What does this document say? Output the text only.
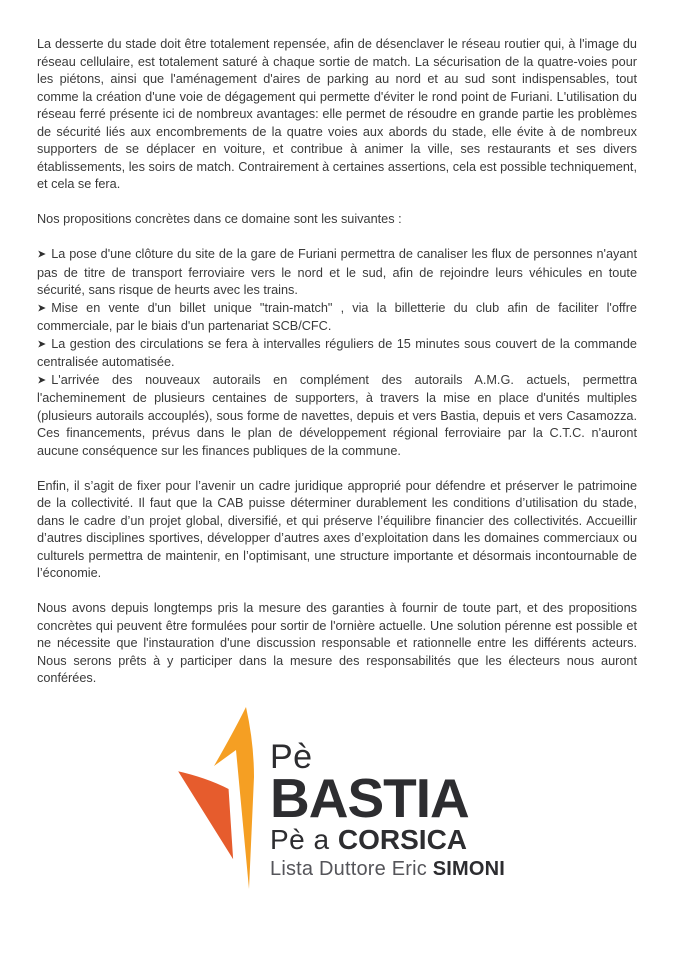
La desserte du stade doit être totalement repensée, afin de désenclaver le réseau routier qui, à l'image du réseau cellulaire, est totalement saturé à chaque sortie de match. La sécurisation de la quatre-voies pour les piétons, ainsi que l'aménagement d'aires de parking au nord et au sud sont indispensables, tout comme la création d'une voie de dégagement qui permette d'éviter le rond point de Furiani. L'utilisation du réseau ferré présente ici de nombreux avantages: elle permet de résoudre en grande partie les problèmes de sécurité liés aux encombrements de la quatre voies aux abords du stade, elle évite à de nombreux supporters de se déplacer en voiture, et contribue à animer la ville, ses restaurants et ses divers établissements, les soirs de match. Contrairement à certaines assertions, cela est possible techniquement, et cela se fera.

Nos propositions concrètes dans ce domaine sont les suivantes :

➤ La pose d'une clôture du site de la gare de Furiani permettra de canaliser les flux de personnes n'ayant pas de titre de transport ferroviaire vers le nord et le sud, afin de rejoindre leurs véhicules en toute sécurité, sans risque de heurts avec les trains.

➤ Mise en vente d'un billet unique "train-match" , via la billetterie du club afin de faciliter l'offre commerciale, par le biais d'un partenariat SCB/CFC.

➤ La gestion des circulations se fera à intervalles réguliers de 15 minutes sous couvert de la commande centralisée automatisée.

➤ L'arrivée des nouveaux autorails en complément des autorails A.M.G. actuels, permettra l'acheminement de plusieurs centaines de supporters, à travers la mise en place d'unités multiples (plusieurs autorails accouplés), sous forme de navettes, depuis et vers Bastia, depuis et vers Casamozza. Ces financements, prévus dans le plan de développement régional ferroviaire par la C.T.C. n'auront aucune conséquence sur les finances publiques de la commune.

Enfin, il s’agit de fixer pour l’avenir un cadre juridique approprié pour défendre et préserver le patrimoine de la collectivité. Il faut que la CAB puisse déterminer durablement les conditions d’utilisation du stade, dans le cadre d’un projet global, diversifié, et qui préserve l’équilibre financier des collectivités. Accueillir d’autres disciplines sportives, développer d’autres axes d’exploitation dans les domaines commerciaux ou culturels permettra de maintenir, en l’optimisant, une structure importante et désormais incontournable de l’économie.

Nous avons depuis longtemps pris la mesure des garanties à fournir de toute part, et des propositions concrètes qui peuvent être formulées pour sortir de l'ornière actuelle. Une solution pérenne est possible et ne nécessite que l'instauration d'une discussion responsable et rationnelle entre les différents acteurs. Nous serons prêts à y participer dans la mesure des responsabilités que les électeurs nous auront conférées.

Pè
BASTIA
Pè a CORSICA
Lista Duttore Eric SIMONI
